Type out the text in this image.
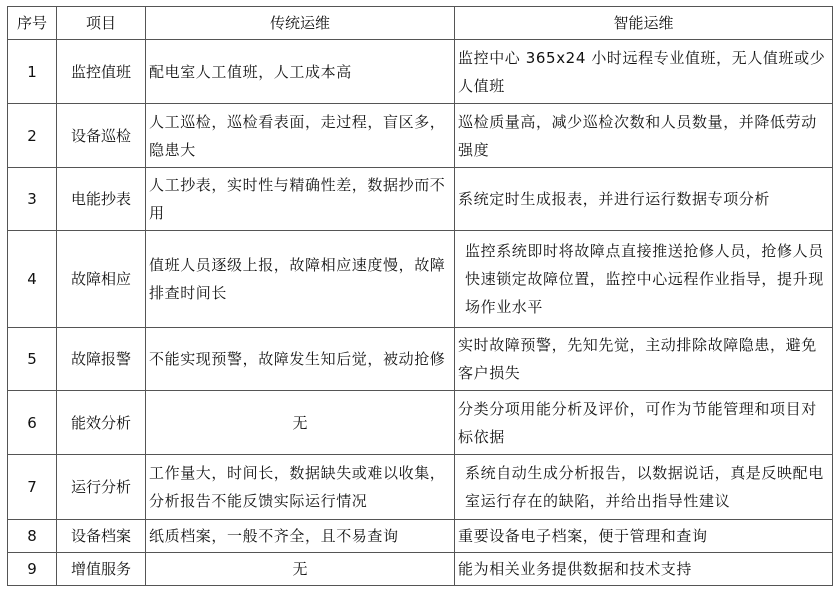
序号	项目	传统运维	智能运维
1	监控值班	配电室人工值班，人工成本高	监控中心 365x24 小时远程专业值班，无人值班或少人值班
2	设备巡检	人工巡检，巡检看表面，走过程，盲区多，隐患大	巡检质量高，减少巡检次数和人员数量，并降低劳动强度
3	电能抄表	人工抄表，实时性与精确性差，数据抄而不用	系统定时生成报表，并进行运行数据专项分析
4	故障相应	值班人员逐级上报，故障相应速度慢，故障排查时间长	监控系统即时将故障点直接推送抢修人员，抢修人员快速锁定故障位置，监控中心远程作业指导，提升现场作业水平
5	故障报警	不能实现预警，故障发生知后觉，被动抢修	实时故障预警，先知先觉，主动排除故障隐患，避免客户损失
6	能效分析	无	分类分项用能分析及评价，可作为节能管理和项目对标依据
7	运行分析	工作量大，时间长，数据缺失或难以收集，分析报告不能反馈实际运行情况	系统自动生成分析报告，以数据说话，真是反映配电室运行存在的缺陷，并给出指导性建议
8	设备档案	纸质档案，一般不齐全，且不易查询	重要设备电子档案，便于管理和查询
9	增值服务	无	能为相关业务提供数据和技术支持
